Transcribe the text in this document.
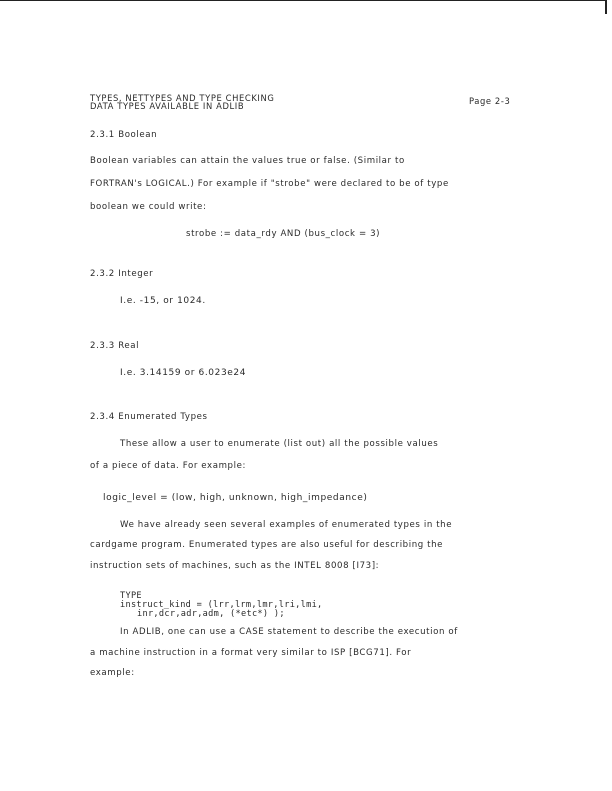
TYPES, NETTYPES AND TYPE CHECKING
DATA TYPES AVAILABLE IN ADLIB	Page 2-3
2.3.1 Boolean
Boolean variables can attain the values true or false. (Similar to
FORTRAN's LOGICAL.) For example if "strobe" were declared to be of type
boolean we could write:
strobe := data_rdy AND (bus_clock = 3)
2.3.2 Integer
I.e. -15, or 1024.
2.3.3 Real
I.e. 3.14159 or 6.023e24
2.3.4 Enumerated Types
These allow a user to enumerate (list out) all the possible values
of a piece of data. For example:
logic_level = (low, high, unknown, high_impedance)
We have already seen several examples of enumerated types in the
cardgame program. Enumerated types are also useful for describing the
instruction sets of machines, such as the INTEL 8008 [I73]:
TYPE
instruct_kind = (lrr,lrm,lmr,lri,lmi,
inr,dcr,adr,adm, (*etc*) );
In ADLIB, one can use a CASE statement to describe the execution of
a machine instruction in a format very similar to ISP [BCG71]. For
example:
